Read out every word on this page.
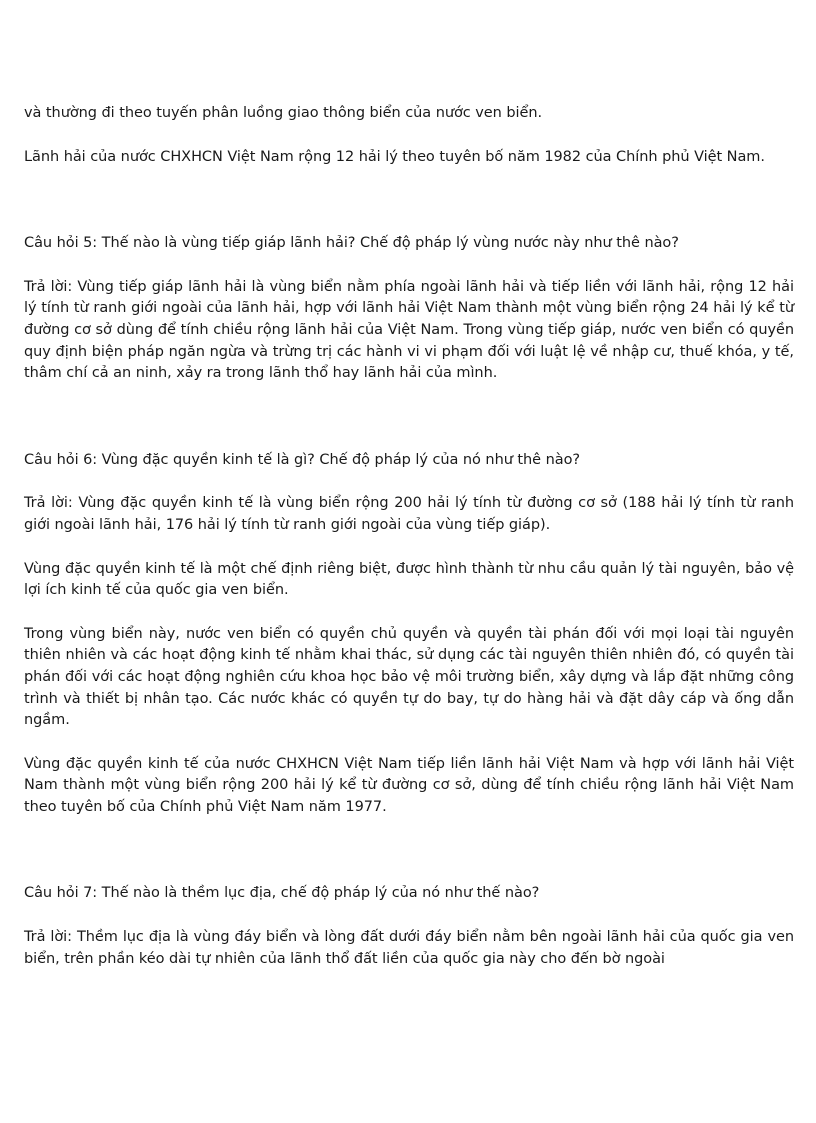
và thường đi theo tuyến phân luồng giao thông biển của nước ven biển.

Lãnh hải của nước CHXHCN Việt Nam rộng 12 hải lý theo tuyên bố năm 1982 của Chính phủ Việt Nam.

Câu hỏi 5: Thế nào là vùng tiếp giáp lãnh hải? Chế độ pháp lý vùng nước này như thê nào?

Trả lời: Vùng tiếp giáp lãnh hải là vùng biển nằm phía ngoài lãnh hải và tiếp liền với lãnh hải, rộng 12 hải lý tính từ ranh giới ngoài của lãnh hải, hợp với lãnh hải Việt Nam thành một vùng biển rộng 24 hải lý kể từ đường cơ sở dùng để tính chiều rộng lãnh hải của Việt Nam. Trong vùng tiếp giáp, nước ven biển có quyền quy định biện pháp ngăn ngừa và trừng trị các hành vi vi phạm đối với luật lệ về nhập cư, thuế khóa, y tế, thâm chí cả an ninh, xảy ra trong lãnh thổ hay lãnh hải của mình.

Câu hỏi 6: Vùng đặc quyền kinh tế là gì? Chế độ pháp lý của nó như thê nào?

Trả lời: Vùng đặc quyền kinh tế là vùng biển rộng 200 hải lý tính từ đường cơ sở (188 hải lý tính từ ranh giới ngoài lãnh hải, 176 hải lý tính từ ranh giới ngoài của vùng tiếp giáp).

Vùng đặc quyền kinh tế là một chế định riêng biệt, được hình thành từ nhu cầu quản lý tài nguyên, bảo vệ lợi ích kinh tế của quốc gia ven biển.

Trong vùng biển này, nước ven biển có quyền chủ quyền và quyền tài phán đối với mọi loại tài nguyên thiên nhiên và các hoạt động kinh tế nhằm khai thác, sử dụng các tài nguyên thiên nhiên đó, có quyền tài phán đối với các hoạt động nghiên cứu khoa học bảo vệ môi trường biển, xây dựng và lắp đặt những công trình và thiết bị nhân tạo. Các nước khác có quyền tự do bay, tự do hàng hải và đặt dây cáp và ống dẫn ngầm.

Vùng đặc quyền kinh tế của nước CHXHCN Việt Nam tiếp liền lãnh hải Việt Nam và hợp với lãnh hải Việt Nam thành một vùng biển rộng 200 hải lý kể từ đường cơ sở, dùng để tính chiều rộng lãnh hải Việt Nam theo tuyên bố của Chính phủ Việt Nam năm 1977.

Câu hỏi 7: Thế nào là thềm lục địa, chế độ pháp lý của nó như thế nào?

Trả lời: Thềm lục địa là vùng đáy biển và lòng đất dưới đáy biển nằm bên ngoài lãnh hải của quốc gia ven biển, trên phần kéo dài tự nhiên của lãnh thổ đất liền của quốc gia này cho đến bờ ngoài
